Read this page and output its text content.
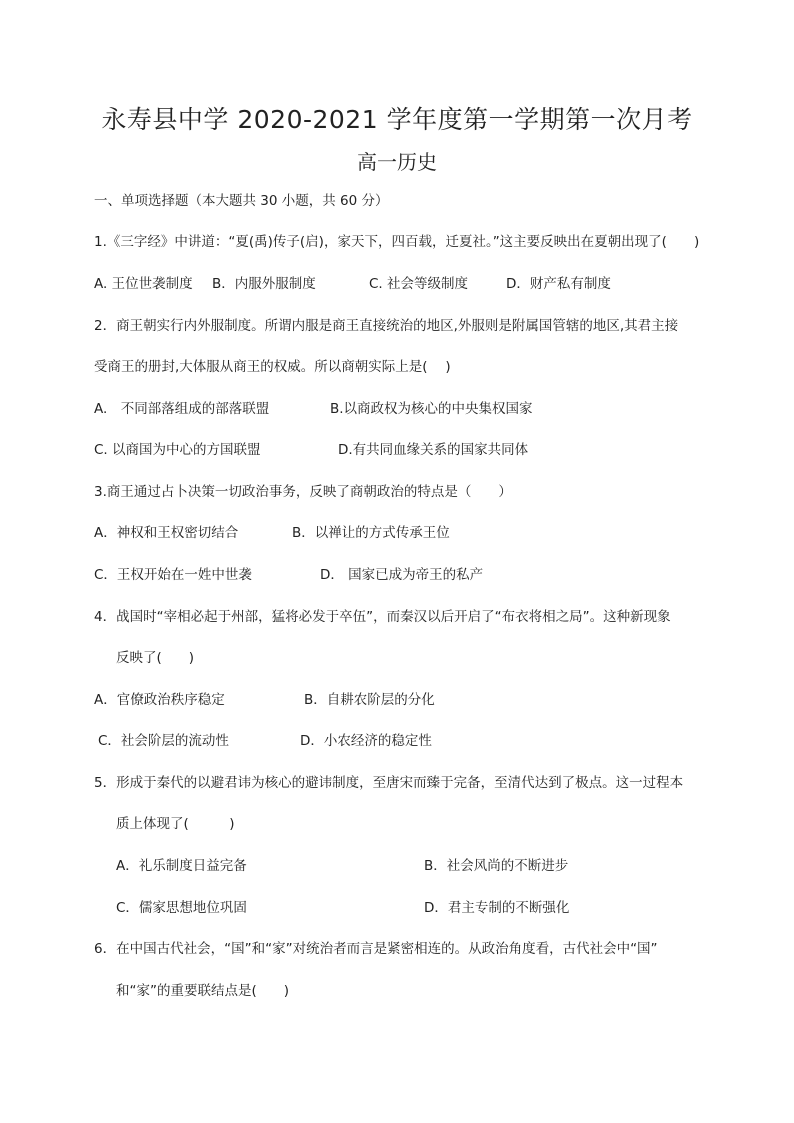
永寿县中学 2020-2021 学年度第一学期第一次月考
高一历史
一、单项选择题（本大题共 30 小题，共 60 分）
1.《三字经》中讲道：“夏(禹)传子(启)，家天下，四百载，迁夏社。”这主要反映出在夏朝出现了(　　)
A. 王位世袭制度 B．内服外服制度	C. 社会等级制度	D．财产私有制度
2．商王朝实行内外服制度。所谓内服是商王直接统治的地区,外服则是附属国管辖的地区,其君主接
受商王的册封,大体服从商王的权威。所以商朝实际上是(　 )
A.　不同部落组成的部落联盟	B.以商政权为核心的中央集权国家
C. 以商国为中心的方国联盟	D.有共同血缘关系的国家共同体
3.商王通过占卜决策一切政治事务，反映了商朝政治的特点是（　　）
A．神权和王权密切结合	B．以禅让的方式传承王位
C．王权开始在一姓中世袭	D． 国家已成为帝王的私产
4．战国时“宰相必起于州部，猛将必发于卒伍”，而秦汉以后开启了“布衣将相之局”。这种新现象
反映了(　　)
A．官僚政治秩序稳定	B．自耕农阶层的分化
C．社会阶层的流动性	D．小农经济的稳定性
5．形成于秦代的以避君讳为核心的避讳制度，至唐宋而臻于完备，至清代达到了极点。这一过程本
质上体现了(　　　)
A．礼乐制度日益完备	B．社会风尚的不断进步
C．儒家思想地位巩固	D．君主专制的不断强化
6．在中国古代社会，“国”和“家”对统治者而言是紧密相连的。从政治角度看，古代社会中“国”
和“家”的重要联结点是(　　)
